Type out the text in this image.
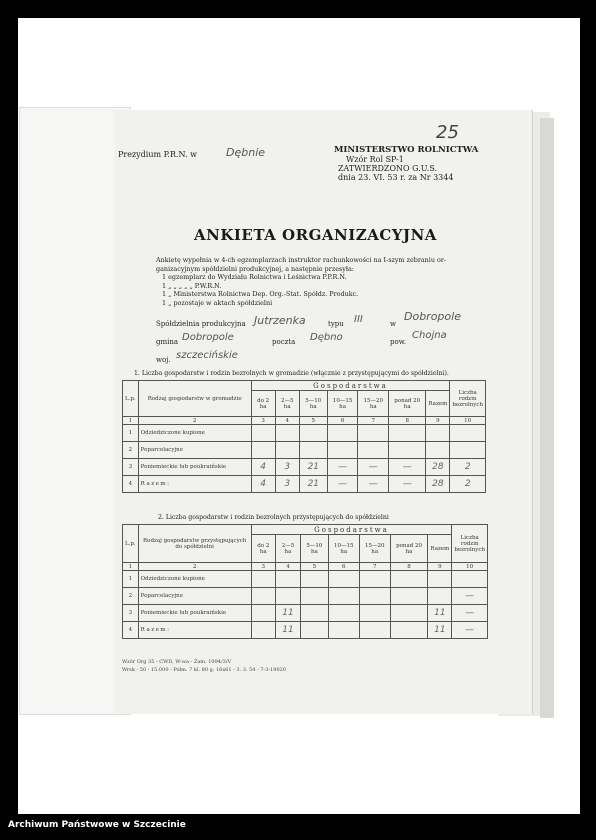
25
Prezydium P.R.N. w	Dębnie	MINISTERSTWO ROLNICTWA
Wzór Rol SP-1
ZATWIERDZONO G.U.S.
dnia 23. VI. 53 r. za Nr 3344
ANKIETA ORGANIZACYJNA
Ankietę wypełnia w 4-ch egzemplarzach instruktor rachunkowości na I-szym zebraniu or-
ganizacyjnym spółdzielni produkcyjnej, a następnie przesyła:
1 egzemplarz do Wydziału Rolnictwa i Leśnictwa P.P.R.N.
1 „ „ „ „ „ P.W.R.N.
1 „ Ministerstwa Rolnictwa Dep. Org.-Stat. Spółdz. Produkc.
1 „ pozostaje w aktach spółdzielni
Spółdzielnia produkcyjna Jutrzenka	typu III	w
Dobropole
gmina Dobropole	poczta Dębno	pow.
Chojna
woj. szczecińskie
1. Liczba gospodarstw i rodzin bezrolnych w gromadzie (włącznie z przystępującymi do spółdzielni).
L.p.	Rodzaj gospodarstw w gromadzie	Gospodarstwa							Liczba rodzin bezrolnych
		do 2 ha	2—5 ha	5—10 ha	10—15 ha	15—20 ha	ponad 20 ha	Razem	
1	2	3	4	5	6	7	8	9	10
1	Odziedziczone kupione								
2	Poparcelacyjne								
3	Poniemieckie lub poukraińskie	4	3	21	—	—	—	28	2
4	Razem:	4	3	21	—	—	—	28	2
2. Liczba gospodarstw i rodzin bezrolnych przystępujących do spółdzielni
L.p.	Rodzaj gospodarstw przystępujących do spółdzielni	Gospodarstwa							Liczba rodzin bezrolnych
		do 2 ha	2—5 ha	5—10 ha	10—15 ha	15—20 ha	ponad 20 ha	Razem	
1	2	3	4	5	6	7	8	9	10
1	Odziedziczone kupione								
2	Poparcelacyjne								—
3	Poniemieckie lub poukraińskie		11					11	—
4	Razem:		11					11	—
Wzór Org 35 - CWD, W-wa - Zam. 1094/3/V
Wrsk - 50 - 15.000 - Półm. 7 kl. 80 g. 16x61 - 3. 3. 54 - 7-3-19020
Archiwum Państwowe w Szczecinie
